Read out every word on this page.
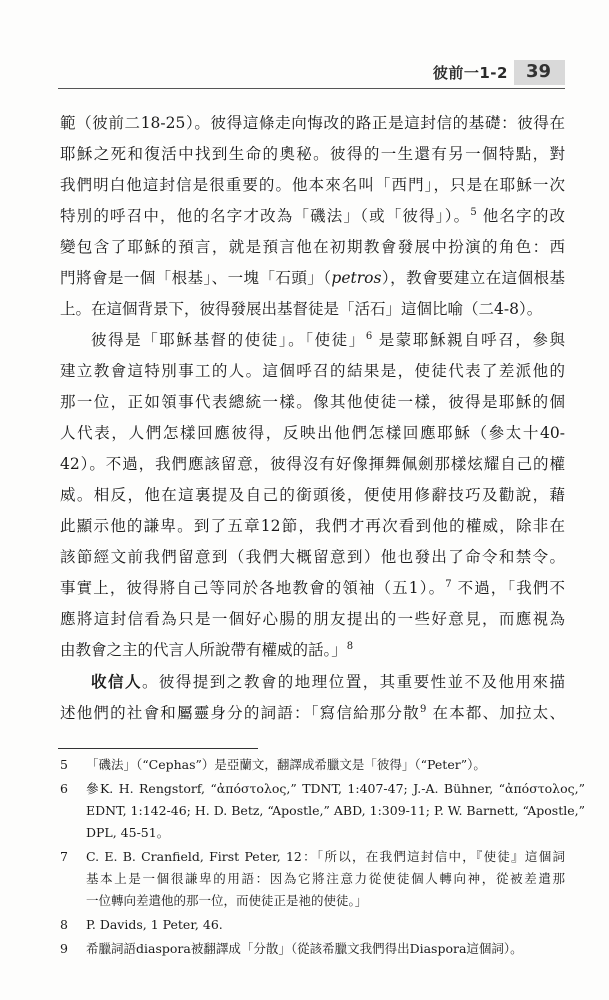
彼前一1-2	39
範（彼前二18-25）。彼得這條走向悔改的路正是這封信的基礎：彼得在
耶穌之死和復活中找到生命的奧秘。彼得的一生還有另一個特點，對
我們明白他這封信是很重要的。他本來名叫「西門」，只是在耶穌一次
特別的呼召中，他的名字才改為「磯法」（或「彼得」）。$^5$ 他名字的改
變包含了耶穌的預言，就是預言他在初期教會發展中扮演的角色：西
門將會是一個「根基」、一塊「石頭」（petros），教會要建立在這個根基
上。在這個背景下，彼得發展出基督徒是「活石」這個比喻（二4-8）。
彼得是「耶穌基督的使徒」。「使徒」$^6$ 是蒙耶穌親自呼召，參與
建立教會這特別事工的人。這個呼召的結果是，使徒代表了差派他的
那一位，正如領事代表總統一樣。像其他使徒一樣，彼得是耶穌的個
人代表，人們怎樣回應彼得，反映出他們怎樣回應耶穌（參太十40-
42）。不過，我們應該留意，彼得沒有好像揮舞佩劍那樣炫耀自己的權
威。相反，他在這裏提及自己的銜頭後，便使用修辭技巧及勸說，藉
此顯示他的謙卑。到了五章12節，我們才再次看到他的權威，除非在
該節經文前我們留意到（我們大概留意到）他也發出了命令和禁令。
事實上，彼得將自己等同於各地教會的領袖（五1）。$^7$ 不過，「我們不
應將這封信看為只是一個好心腸的朋友提出的一些好意見，而應視為
由教會之主的代言人所說帶有權威的話。」$^8$
收信人。彼得提到之教會的地理位置，其重要性並不及他用來描
述他們的社會和屬靈身分的詞語：「寫信給那分散$^9$ 在本都、加拉太、
5	「磯法」（“Cephas”）是亞蘭文，翻譯成希臘文是「彼得」（“Peter”）。
6	參K. H. Rengstorf, “ἀπόστολος,” TDNT, 1:407-47; J.-A. Bühner, “ἀπόστολος,”
EDNT, 1:142-46; H. D. Betz, “Apostle,” ABD, 1:309-11; P. W. Barnett, “Apostle,”
DPL, 45-51。
7	C. E. B. Cranfield, First Peter, 12：「所以，在我們這封信中，『使徒』這個詞
基本上是一個很謙卑的用語：因為它將注意力從使徒個人轉向神，從被差遣那
一位轉向差遣他的那一位，而使徒正是祂的使徒。」
8	P. Davids, 1 Peter, 46.
9	希臘詞語diaspora被翻譯成「分散」（從該希臘文我們得出Diaspora這個詞）。
